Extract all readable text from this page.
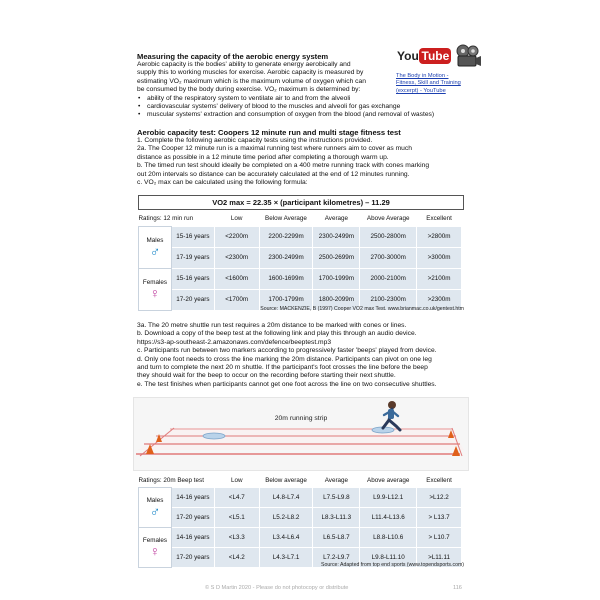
Measuring the capacity of the aerobic energy system
Aerobic capacity is the bodies' ability to generate energy aerobically and
supply this to working muscles for exercise. Aerobic capacity is measured by
estimating VO₂ maximum which is the maximum volume of oxygen which can
be consumed by the body during exercise. VO₂ maximum is determined by:
• ability of the respiratory system to ventilate air to and from the alveoli
• cardiovascular systems' delivery of blood to the muscles and alveoli for gas exchange
• muscular systems' extraction and consumption of oxygen from the blood (and removal of wastes)
You Tube
The Body in Motion -
Fitness, Skill and Training
(excerpt) - YouTube
Aerobic capacity test: Coopers 12 minute run and multi stage fitness test
1. Complete the following aerobic capacity tests using the instructions provided.
2a. The Cooper 12 minute run is a maximal running test where runners aim to cover as much
distance as possible in a 12 minute time period after completing a thorough warm up.
b. The timed run test should ideally be completed on a 400 metre running track with cones marking
out 20m intervals so distance can be accurately calculated at the end of 12 minutes running.
c. VO₂ max can be calculated using the following formula:
VO2 max = 22.35 × (participant kilometres) – 11.29
Ratings: 12 min run		Low	Below Average	Average	Above Average	Excellent

Males
♂	15-16 years	<2200m	2200-2299m	2300-2499m	2500-2800m	>2800m
	17-19 years	<2300m	2300-2499m	2500-2699m	2700-3000m	>3000m

Females
♀	15-16 years	<1600m	1600-1699m	1700-1999m	2000-2100m	>2100m
	17-20 years	<1700m	1700-1799m	1800-2099m	2100-2300m	>2300m
Source: MACKENZIE, B (1997) Cooper VO2 max Test. www.brianmac.co.uk/gentest.htm
3a. The 20 metre shuttle run test requires a 20m distance to be marked with cones or lines.
b. Download a copy of the beep test at the following link and play this through an audio device.
https://s3-ap-southeast-2.amazonaws.com/defence/beeptest.mp3
c. Participants run between two markers according to progressively faster 'beeps' played from device.
d. Only one foot needs to cross the line marking the 20m distance. Participants can pivot on one leg
and turn to complete the next 20 m shuttle. If the participant's foot crosses the line before the beep
they should wait for the beep to occur on the recording before starting their next shuttle.
e. The test finishes when participants cannot get one foot across the line on two consecutive shuttles.
20m running strip
Ratings: 20m Beep test		Low	Below average	Average	Above average	Excellent

Males
♂	14-16 years	<L4.7	L4.8-L7.4	L7.5-L9.8	L9.9-L12.1	>L12.2
	17-20 years	<L5.1	L5.2-L8.2	L8.3-L11.3	L11.4-L13.6	> L13.7

Females
♀	14-16 years	<L3.3	L3.4-L6.4	L6.5-L8.7	L8.8-L10.6	> L10.7
	17-20 years	<L4.2	L4.3-L7.1	L7.2-L9.7	L9.8-L11.10	>L11.11
Source: Adapted from top end sports (www.topendsports.com)
© S D Martin 2020 - Please do not photocopy or distribute	116
